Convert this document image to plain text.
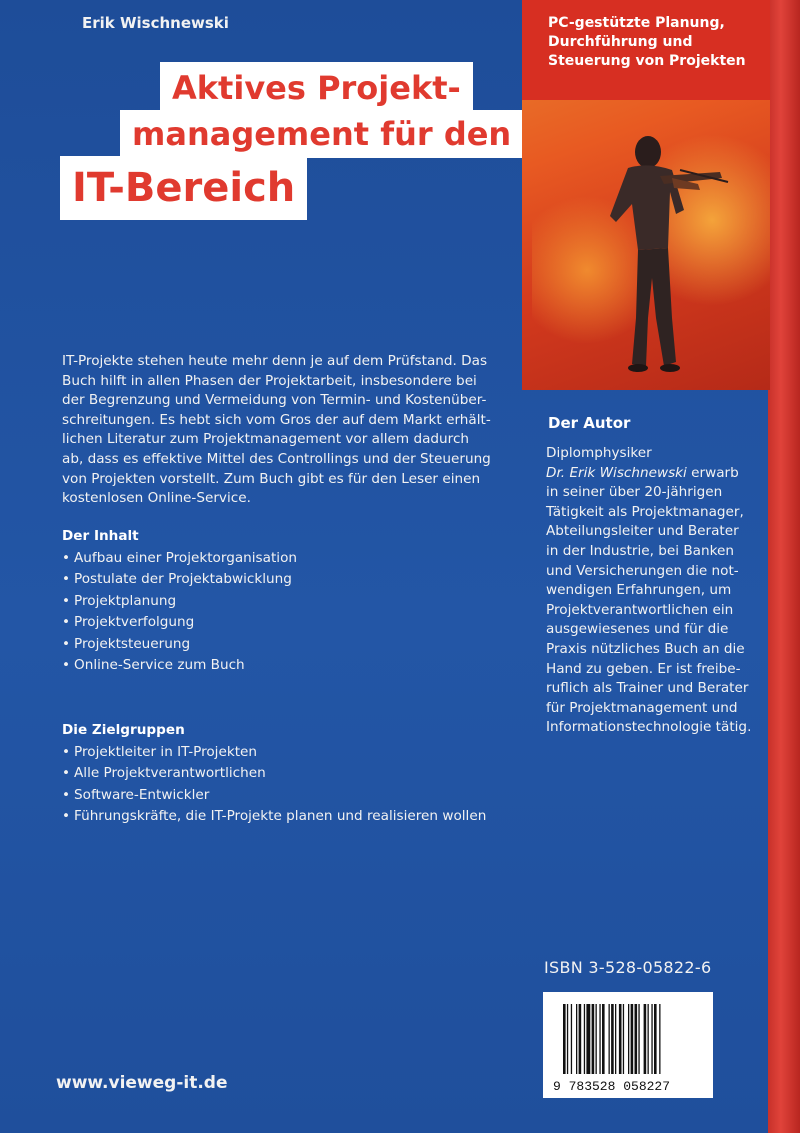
Erik Wischnewski
Aktives Projekt-
management für den
IT-Bereich
PC-gestützte Planung,
Durchführung und
Steuerung von Projekten
IT-Projekte stehen heute mehr denn je auf dem Prüfstand. Das
Buch hilft in allen Phasen der Projektarbeit, insbesondere bei
der Begrenzung und Vermeidung von Termin- und Kostenüber-
schreitungen. Es hebt sich vom Gros der auf dem Markt erhält-
lichen Literatur zum Projektmanagement vor allem dadurch
ab, dass es effektive Mittel des Controllings und der Steuerung
von Projekten vorstellt. Zum Buch gibt es für den Leser einen
kostenlosen Online-Service.
Der Inhalt
• Aufbau einer Projektorganisation
• Postulate der Projektabwicklung
• Projektplanung
• Projektverfolgung
• Projektsteuerung
• Online-Service zum Buch
Die Zielgruppen
• Projektleiter in IT-Projekten
• Alle Projektverantwortlichen
• Software-Entwickler
• Führungskräfte, die IT-Projekte planen und realisieren wollen
Der Autor
Diplomphysiker
Dr. Erik Wischnewski erwarb
in seiner über 20-jährigen
Tätigkeit als Projektmanager,
Abteilungsleiter und Berater
in der Industrie, bei Banken
und Versicherungen die not-
wendigen Erfahrungen, um
Projektverantwortlichen ein
ausgewiesenes und für die
Praxis nützliches Buch an die
Hand zu geben. Er ist freibe-
ruflich als Trainer und Berater
für Projektmanagement und
Informationstechnologie tätig.
ISBN 3-528-05822-6
9 783528 058227
www.vieweg-it.de
